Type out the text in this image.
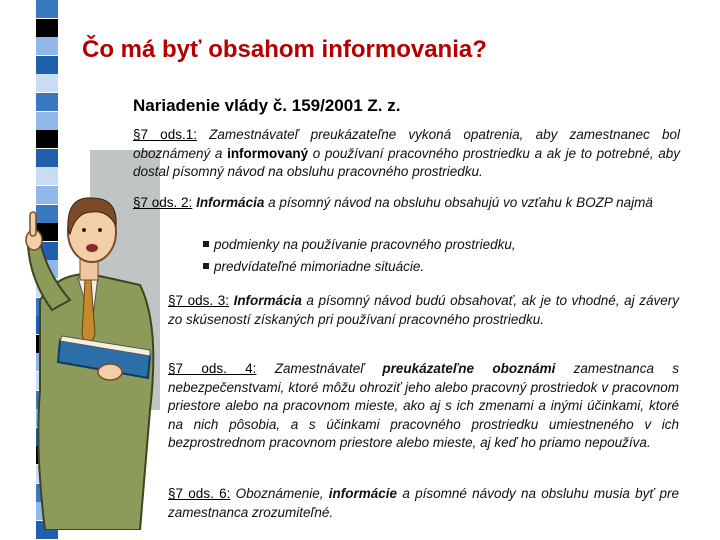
Čo má byť obsahom informovania?
Nariadenie vlády č. 159/2001 Z. z.
§7 ods.1: Zamestnávateľ preukázateľne vykoná opatrenia, aby zamestnanec bol oboznámený a informovaný o používaní pracovného prostriedku a ak je to potrebné, aby dostal písomný návod na obsluhu pracovného prostriedku.
§7 ods. 2: Informácia a písomný návod na obsluhu obsahujú vo vzťahu k BOZP najmä
podmienky na používanie pracovného prostriedku,
predvídateľné mimoriadne situácie.
§7 ods. 3: Informácia a písomný návod budú obsahovať, ak je to vhodné, aj závery zo skúseností získaných pri používaní pracovného prostriedku.
§7 ods. 4: Zamestnávateľ preukázateľne oboznámi zamestnanca s nebezpečenstvami, ktoré môžu ohroziť jeho alebo pracovný prostriedok v pracovnom priestore alebo na pracovnom mieste, ako aj s ich zmenami a inými účinkami, ktoré na nich pôsobia, a s účinkami pracovného prostriedku umiestneného v ich bezprostrednom pracovnom priestore alebo mieste, aj keď ho priamo nepoužíva.
§7 ods. 6: Oboznámenie, informácie a písomné návody na obsluhu musia byť pre zamestnanca zrozumiteľné.
